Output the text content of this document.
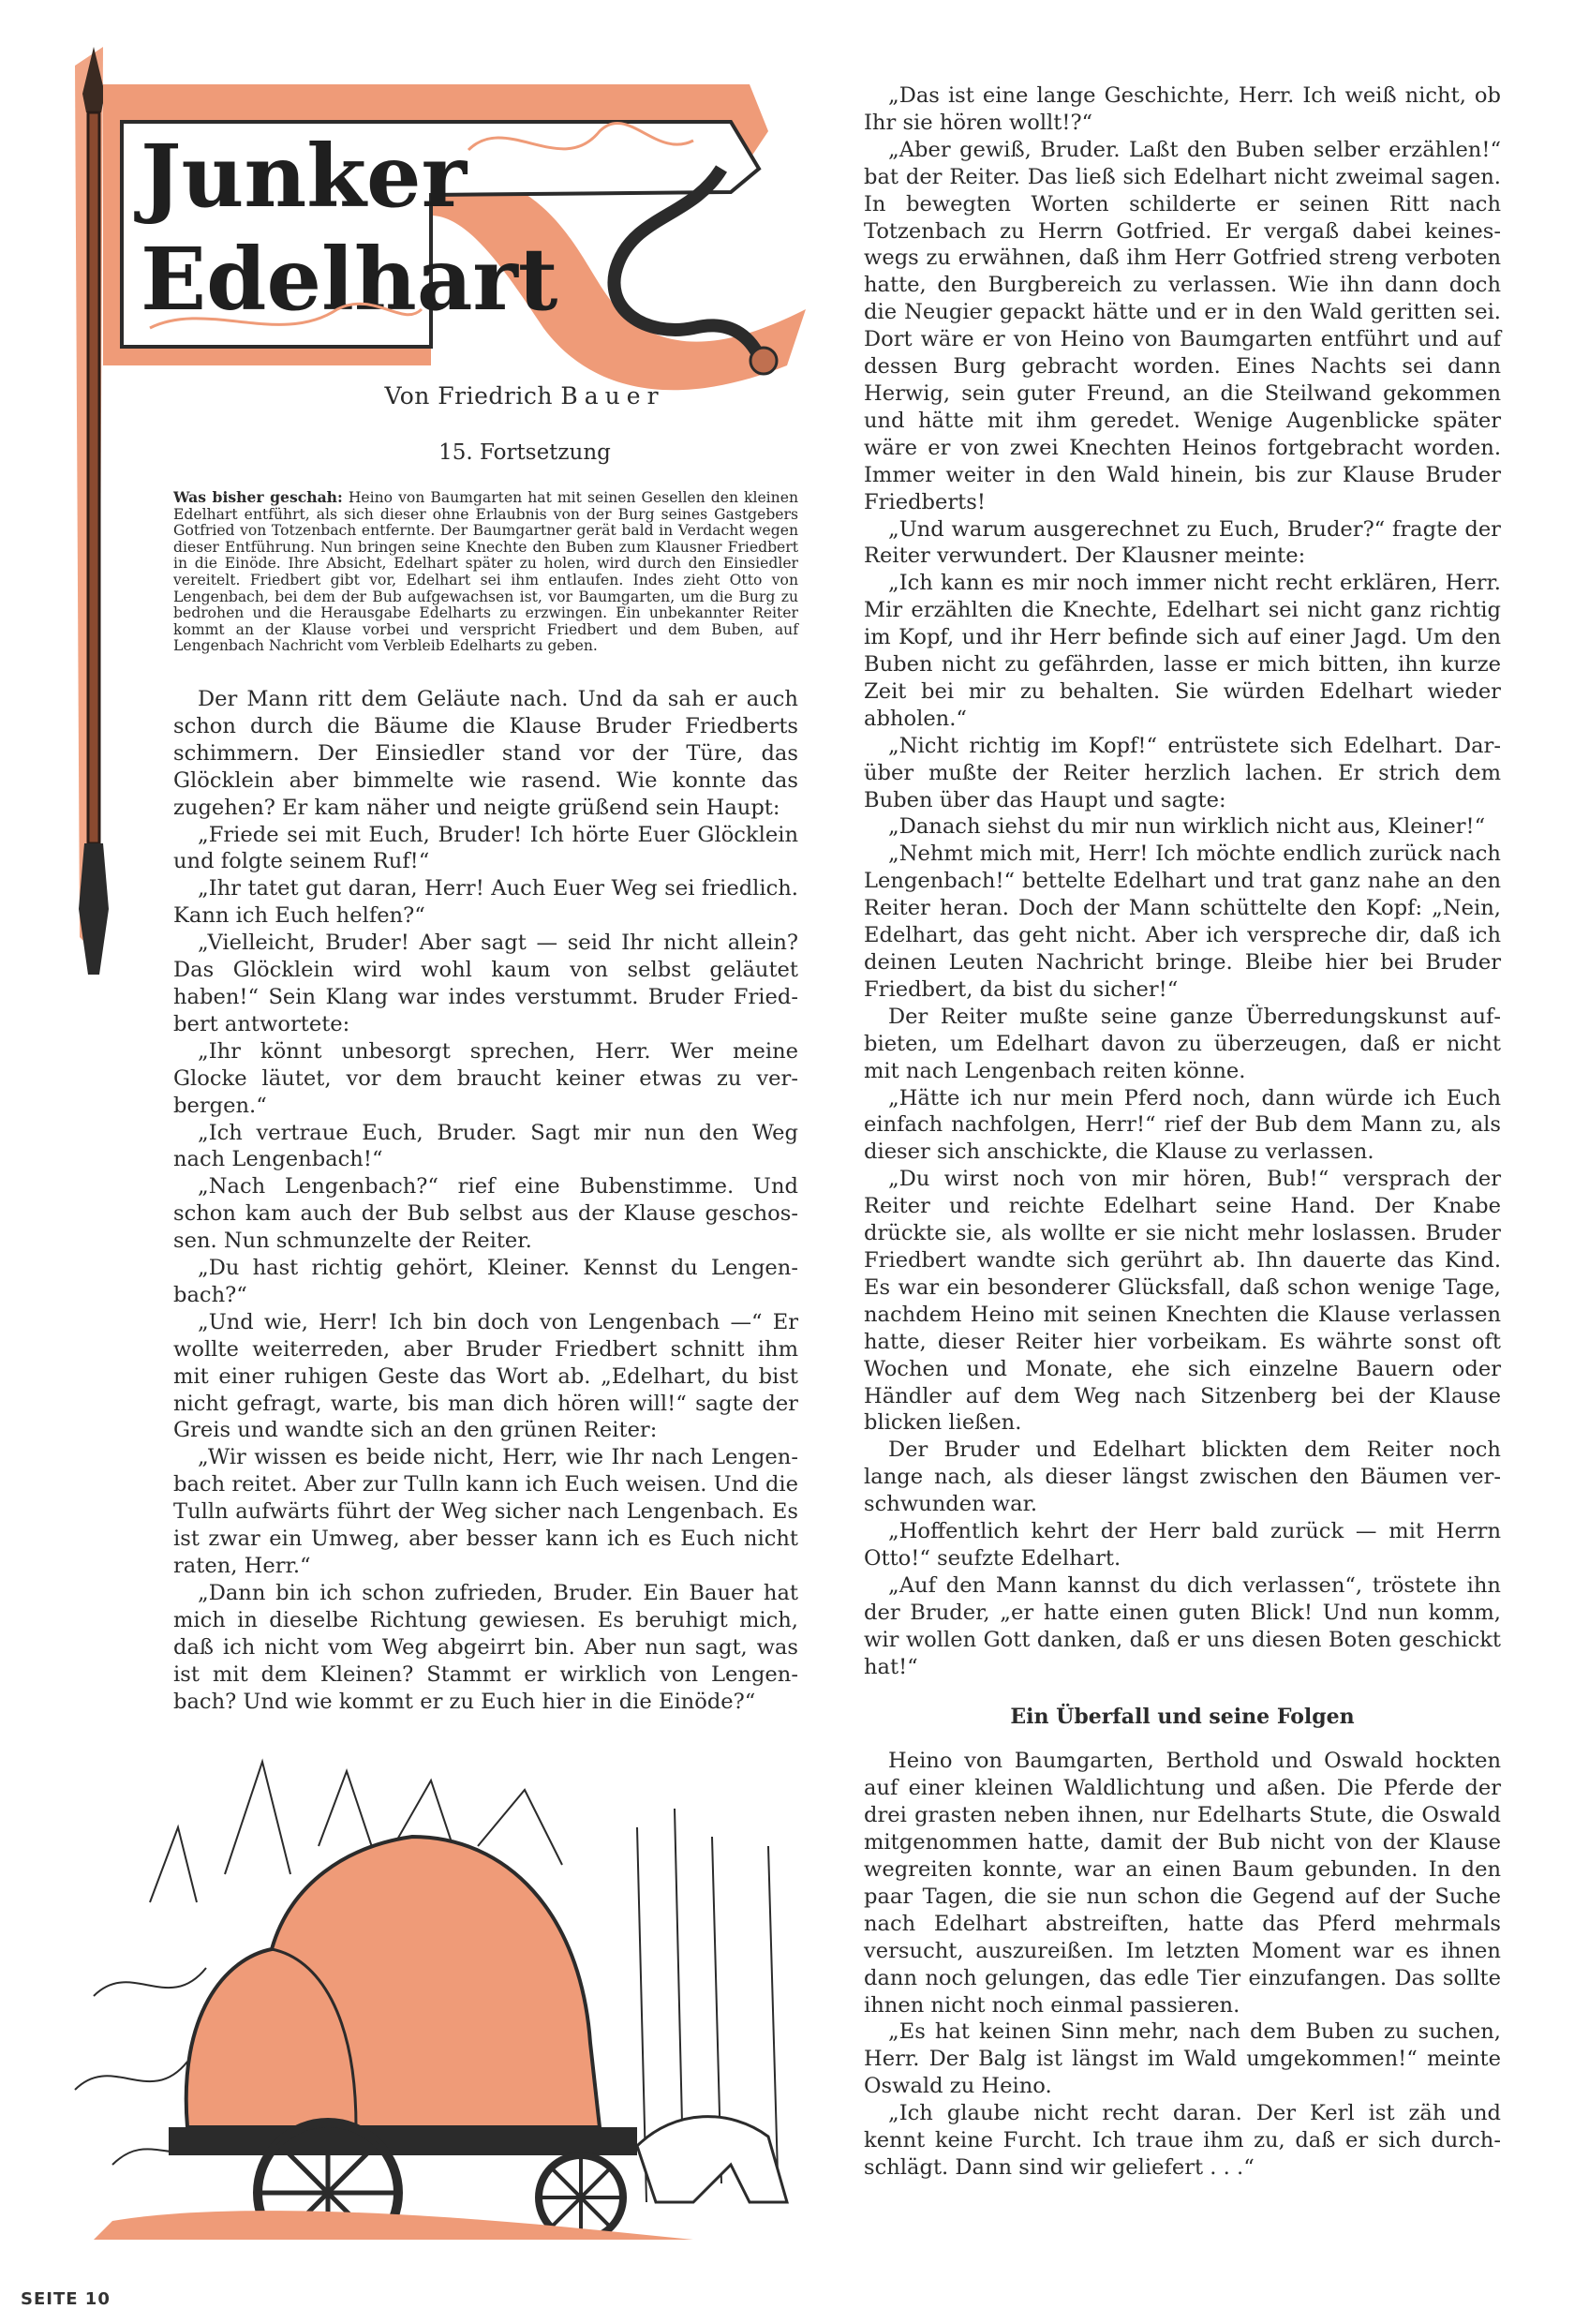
Junker
Edelhart
Von Friedrich Bauer
15. Fortsetzung
Was bisher geschah: Heino von Baumgarten hat mit seinen Gesellen den kleinen Edelhart entführt, als sich dieser ohne Erlaubnis von der Burg seines Gastgebers Gotfried von Totzenbach entfernte. Der Baumgartner gerät bald in Verdacht wegen dieser Entführung. Nun bringen seine Knechte den Buben zum Klausner Friedbert in die Einöde. Ihre Absicht, Edelhart später zu holen, wird durch den Einsiedler vereitelt. Friedbert gibt vor, Edelhart sei ihm entlaufen. Indes zieht Otto von Lengenbach, bei dem der Bub aufgewachsen ist, vor Baumgarten, um die Burg zu bedrohen und die Herausgabe Edelharts zu erzwingen. Ein unbekannter Reiter kommt an der Klause vorbei und verspricht Friedbert und dem Buben, auf Lengenbach Nachricht vom Verbleib Edelharts zu geben.

Der Mann ritt dem Geläute nach. Und da sah er auch schon durch die Bäume die Klause Bruder Friedberts schimmern. Der Einsiedler stand vor der Türe, das Glöcklein aber bimmelte wie rasend. Wie konnte das zugehen? Er kam näher und neigte grüßend sein Haupt:

„Friede sei mit Euch, Bruder! Ich hörte Euer Glöcklein und folgte seinem Ruf!“

„Ihr tatet gut daran, Herr! Auch Euer Weg sei friedlich. Kann ich Euch helfen?“

„Vielleicht, Bruder! Aber sagt — seid Ihr nicht allein? Das Glöcklein wird wohl kaum von selbst geläutet haben!“ Sein Klang war indes verstummt. Bruder Friedbert antwortete:

„Ihr könnt unbesorgt sprechen, Herr. Wer meine Glocke läutet, vor dem braucht keiner etwas zu verbergen.“

„Ich vertraue Euch, Bruder. Sagt mir nun den Weg nach Lengenbach!“

„Nach Lengenbach?“ rief eine Bubenstimme. Und schon kam auch der Bub selbst aus der Klause geschossen. Nun schmunzelte der Reiter.

„Du hast richtig gehört, Kleiner. Kennst du Lengenbach?“

„Und wie, Herr! Ich bin doch von Lengenbach —“ Er wollte weiterreden, aber Bruder Friedbert schnitt ihm mit einer ruhigen Geste das Wort ab. „Edelhart, du bist nicht gefragt, warte, bis man dich hören will!“ sagte der Greis und wandte sich an den grünen Reiter:

„Wir wissen es beide nicht, Herr, wie Ihr nach Lengenbach reitet. Aber zur Tulln kann ich Euch weisen. Und die Tulln aufwärts führt der Weg sicher nach Lengenbach. Es ist zwar ein Umweg, aber besser kann ich es Euch nicht raten, Herr.“

„Dann bin ich schon zufrieden, Bruder. Ein Bauer hat mich in dieselbe Richtung gewiesen. Es beruhigt mich, daß ich nicht vom Weg abgeirrt bin. Aber nun sagt, was ist mit dem Kleinen? Stammt er wirklich von Lengenbach? Und wie kommt er zu Euch hier in die Einöde?“

„Das ist eine lange Geschichte, Herr. Ich weiß nicht, ob Ihr sie hören wollt!?“

„Aber gewiß, Bruder. Laßt den Buben selber erzählen!“ bat der Reiter. Das ließ sich Edelhart nicht zweimal sagen. In bewegten Worten schilderte er seinen Ritt nach Totzenbach zu Herrn Gotfried. Er vergaß dabei keineswegs zu erwähnen, daß ihm Herr Gotfried streng verboten hatte, den Burgbereich zu verlassen. Wie ihn dann doch die Neugier gepackt hätte und er in den Wald geritten sei. Dort wäre er von Heino von Baumgarten entführt und auf dessen Burg gebracht worden. Eines Nachts sei dann Herwig, sein guter Freund, an die Steilwand gekommen und hätte mit ihm geredet. Wenige Augenblicke später wäre er von zwei Knechten Heinos fortgebracht worden. Immer weiter in den Wald hinein, bis zur Klause Bruder Friedberts!

„Und warum ausgerechnet zu Euch, Bruder?“ fragte der Reiter verwundert. Der Klausner meinte:

„Ich kann es mir noch immer nicht recht erklären, Herr. Mir erzählten die Knechte, Edelhart sei nicht ganz richtig im Kopf, und ihr Herr befinde sich auf einer Jagd. Um den Buben nicht zu gefährden, lasse er mich bitten, ihn kurze Zeit bei mir zu behalten. Sie würden Edelhart wieder abholen.“

„Nicht richtig im Kopf!“ entrüstete sich Edelhart. Darüber mußte der Reiter herzlich lachen. Er strich dem Buben über das Haupt und sagte:

„Danach siehst du mir nun wirklich nicht aus, Kleiner!“

„Nehmt mich mit, Herr! Ich möchte endlich zurück nach Lengenbach!“ bettelte Edelhart und trat ganz nahe an den Reiter heran. Doch der Mann schüttelte den Kopf: „Nein, Edelhart, das geht nicht. Aber ich verspreche dir, daß ich deinen Leuten Nachricht bringe. Bleibe hier bei Bruder Friedbert, da bist du sicher!“

Der Reiter mußte seine ganze Überredungskunst aufbieten, um Edelhart davon zu überzeugen, daß er nicht mit nach Lengenbach reiten könne.

„Hätte ich nur mein Pferd noch, dann würde ich Euch einfach nachfolgen, Herr!“ rief der Bub dem Mann zu, als dieser sich anschickte, die Klause zu verlassen.

„Du wirst noch von mir hören, Bub!“ versprach der Reiter und reichte Edelhart seine Hand. Der Knabe drückte sie, als wollte er sie nicht mehr loslassen. Bruder Friedbert wandte sich gerührt ab. Ihn dauerte das Kind. Es war ein besonderer Glücksfall, daß schon wenige Tage, nachdem Heino mit seinen Knechten die Klause verlassen hatte, dieser Reiter hier vorbeikam. Es währte sonst oft Wochen und Monate, ehe sich einzelne Bauern oder Händler auf dem Weg nach Sitzenberg bei der Klause blicken ließen.

Der Bruder und Edelhart blickten dem Reiter noch lange nach, als dieser längst zwischen den Bäumen verschwunden war.

„Hoffentlich kehrt der Herr bald zurück — mit Herrn Otto!“ seufzte Edelhart.

„Auf den Mann kannst du dich verlassen“, tröstete ihn der Bruder, „er hatte einen guten Blick! Und nun komm, wir wollen Gott danken, daß er uns diesen Boten geschickt hat!“

Ein Überfall und seine Folgen

Heino von Baumgarten, Berthold und Oswald hockten auf einer kleinen Waldlichtung und aßen. Die Pferde der drei grasten neben ihnen, nur Edelharts Stute, die Oswald mitgenommen hatte, damit der Bub nicht von der Klause wegreiten konnte, war an einen Baum gebunden. In den paar Tagen, die sie nun schon die Gegend auf der Suche nach Edelhart abstreiften, hatte das Pferd mehrmals versucht, auszureißen. Im letzten Moment war es ihnen dann noch gelungen, das edle Tier einzufangen. Das sollte ihnen nicht noch einmal passieren.

„Es hat keinen Sinn mehr, nach dem Buben zu suchen, Herr. Der Balg ist längst im Wald umgekommen!“ meinte Oswald zu Heino.

„Ich glaube nicht recht daran. Der Kerl ist zäh und kennt keine Furcht. Ich traue ihm zu, daß er sich durchschlägt. Dann sind wir geliefert . . .“

SEITE 10
